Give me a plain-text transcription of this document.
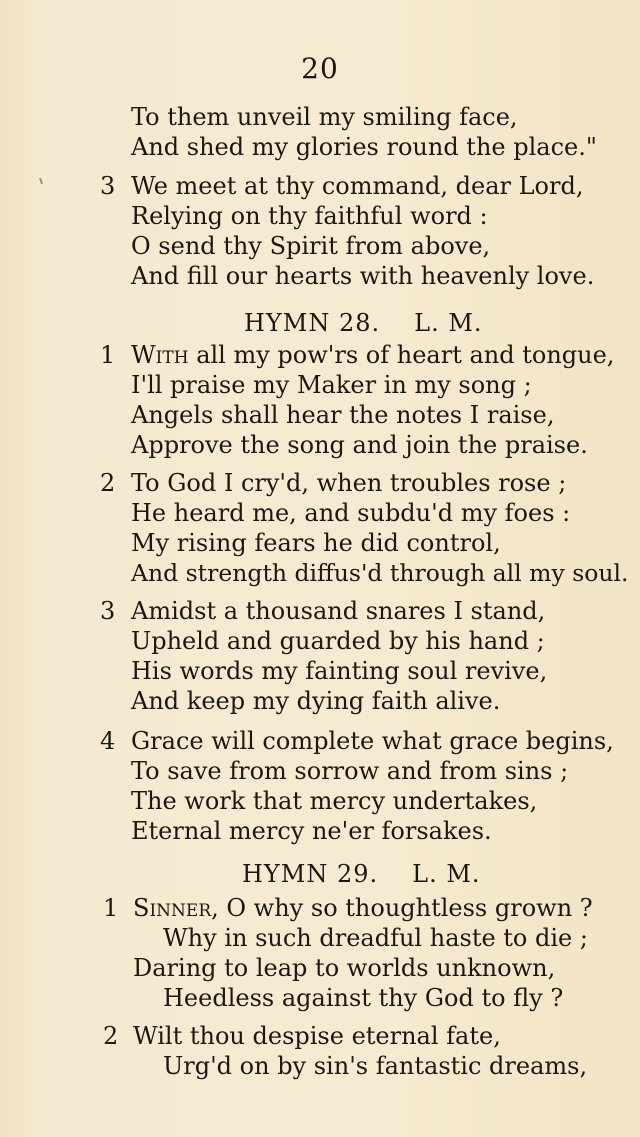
20
To them unveil my smiling face,
And shed my glories round the place."
3 We meet at thy command, dear Lord,
Relying on thy faithful word :
O send thy Spirit from above,
And fill our hearts with heavenly love.
HYMN 28. L. M.
1 With all my pow'rs of heart and tongue,
I'll praise my Maker in my song ;
Angels shall hear the notes I raise,
Approve the song and join the praise.
2 To God I cry'd, when troubles rose ;
He heard me, and subdu'd my foes :
My rising fears he did control,
And strength diffus'd through all my soul.
3 Amidst a thousand snares I stand,
Upheld and guarded by his hand ;
His words my fainting soul revive,
And keep my dying faith alive.
4 Grace will complete what grace begins,
To save from sorrow and from sins ;
The work that mercy undertakes,
Eternal mercy ne'er forsakes.
HYMN 29. L. M.
1 Sinner, O why so thoughtless grown ?
Why in such dreadful haste to die ;
Daring to leap to worlds unknown,
Heedless against thy God to fly ?
2 Wilt thou despise eternal fate,
Urg'd on by sin's fantastic dreams,
